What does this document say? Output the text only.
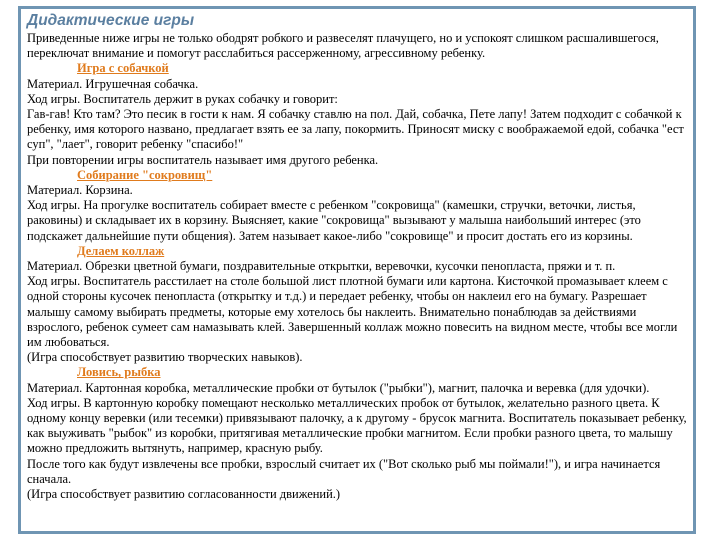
Дидактические игры

Приведенные ниже игры не только ободрят робкого и развеселят плачущего, но и успокоят слишком расшалившегося, переключат внимание и помогут расслабиться рассерженному, агрессивному ребенку.

Игра с собачкой

Материал. Игрушечная собачка.

Ход игры. Воспитатель держит в руках собачку и говорит:

Гав-гав! Кто там? Это песик в гости к нам. Я собачку ставлю на пол. Дай, собачка, Пете лапу! Затем подходит с собачкой к ребенку, имя которого названо, предлагает взять ее за лапу, покормить. Приносят миску с воображаемой едой, собачка "ест суп", "лает", говорит ребенку "спасибо!"

При повторении игры воспитатель называет имя другого ребенка.

Собирание "сокровищ"

Материал. Корзина.

Ход игры. На прогулке воспитатель собирает вместе с ребенком "сокровища" (камешки, стручки, веточки, листья, раковины) и складывает их в корзину. Выясняет, какие "сокровища" вызывают у малыша наибольший интерес (это подскажет дальнейшие пути общения). Затем называет какое-либо "сокровище" и просит достать его из корзины.

Делаем коллаж

Материал. Обрезки цветной бумаги, поздравительные открытки, веревочки, кусочки пенопласта, пряжи и т. п.

Ход игры. Воспитатель расстилает на столе большой лист плотной бумаги или картона. Кисточкой промазывает клеем с одной стороны кусочек пенопласта (открытку и т.д.) и передает ребенку, чтобы он наклеил его на бумагу. Разрешает малышу самому выбирать предметы, которые ему хотелось бы наклеить. Внимательно понаблюдав за действиями взрослого, ребенок сумеет сам намазывать клей. Завершенный коллаж можно повесить на видном месте, чтобы все могли им любоваться.

(Игра способствует развитию творческих навыков).

Ловись, рыбка

Материал. Картонная коробка, металлические пробки от бутылок ("рыбки"), магнит, палочка и веревка (для удочки).

Ход игры. В картонную коробку помещают несколько металлических пробок от бутылок, желательно разного цвета. К одному концу веревки (или тесемки) привязывают палочку, а к другому - брусок магнита. Воспитатель показывает ребенку, как выуживать "рыбок" из коробки, притягивая металлические пробки магнитом. Если пробки разного цвета, то малышу можно предложить вытянуть, например, красную рыбу.

После того как будут извлечены все пробки, взрослый считает их ("Вот сколько рыб мы поймали!"), и игра начинается сначала.

(Игра способствует развитию согласованности движений.)
